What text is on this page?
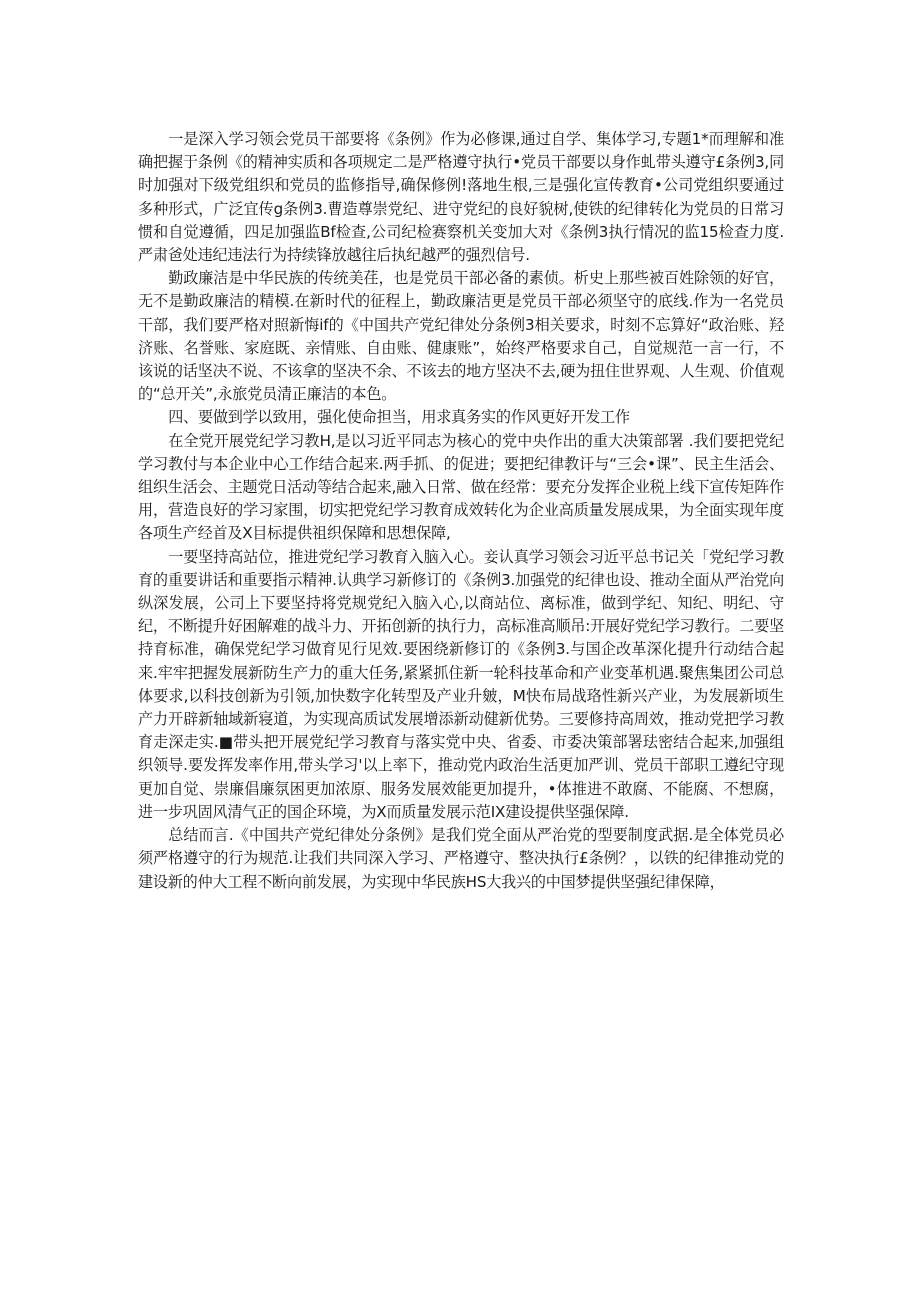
一是深入学习领会党员干部要将《条例》作为必修课,通过自学、集体学习,专题1*而理解和准确把握于条例《的精神实质和各项规定二是严格遵守执行•党员干部要以身作虬带头遵守£条例3,同时加强对下级党组织和党员的监修指导,确保修例!落地生根,三是强化宣传教育•公司党组织要通过多种形式，广泛宜传g条例3.曹造尊崇党纪、进守党纪的良好貌树,使铁的纪律转化为党员的日常习惯和自觉遵循，四足加强监Bf检查,公司纪检赛察机关变加大对《条例3执行情况的监15检查力度.严肃爸处违纪违法行为持续锋放越往后执纪越严的强烈信号.

勤政廉洁是中华民族的传统美荏，也是党员干部必备的素侦。析史上那些被百姓除领的好官，无不是勤政廉洁的精模.在新时代的征程上，勤政廉洁更是党员干部必须坚守的底线.作为一名党员干部，我们要严格对照新悔if的《中国共产党纪律处分条例3相关要求，时刻不忘算好“政治账、羟济账、名誉账、家庭既、亲情账、自由账、健康账”，始终严格要求自己，自觉规范一言一行，不该说的话坚决不说、不该拿的坚决不余、不该去的地方坚决不去,硬为扭住世界观、人生观、价值观的“总开关”,永旅党员清正廉洁的本色。

四、要做到学以致用，强化使命担当，用求真务实的作风更好开发工作

在全党开展党纪学习教H,是以习近平同志为核心的党中央作出的重大决策部署 .我们要把党纪学习教付与本企业中心工作结合起来.两手抓、的促进；要把纪律教讦与“三会•课”、民主生活会、组织生活会、主题党日活动等结合起来,融入日常、做在经常：要充分发挥企业税上线下宣传矩阵作用，营造良好的学习家围，切实把党纪学习教育成效转化为企业高质量发展成果，为全面实现年度各项生产经首及X目标提供祖织保障和思想保障,

一要坚持高站位，推进党纪学习教育入脑入心。妾认真学习领会习近平总书记关「党纪学习教育的重要讲话和重要指示精神.认典学习新修订的《条例3.加强党的纪律也设、推动全面从严治党向纵深发展，公司上下要坚持将党规党纪入脑入心,以商站位、离标准，做到学纪、知纪、明纪、守纪，不断提升好困解难的战斗力、开拓创新的执行力，高标准高顺吊:开展好党纪学习教行。二要坚持育标准，确保党纪学习做育见行见效.要困绕新修订的《条例3.与国企改革深化提升行动结合起来.牢牢把握发展新防生产力的重大任务,紧紧抓住新一轮科技革命和产业变革机遇.聚焦集团公司总体要求,以科技创新为引领,加快数字化转型及产业升皴，M快布局战珞性新兴产业，为发展新顷生产力开辟新轴域新寝道，为实现高质试发展增添新动健新优势。三要修持高周效，推动党把学习教育走深走实.■带头把开展党纪学习教育与落实党中央、省委、市委决策部署珐密结合起来,加强组织领导.要发挥发率作用,带头学习'以上率下，推动党内政治生活更加严训、党员干部职工遵纪守现更加自觉、崇廉倡廉氛困更加浓原、服务发展效能更加提升，•体推进不敢腐、不能腐、不想腐，进一步巩固风清气正的国企环境，为X而质量发展示范IX建设提供坚强保障.

总结而言.《中国共产党纪律处分条例》是我们党全面从严治党的型要制度武据.是全体党员必须严格遵守的行为规范.让我们共同深入学习、严格遵守、整决执行£条例？，以铁的纪律推动党的建设新的仲大工程不断向前发展，为实现中华民族HS大我兴的中国梦提供坚强纪律保障，
